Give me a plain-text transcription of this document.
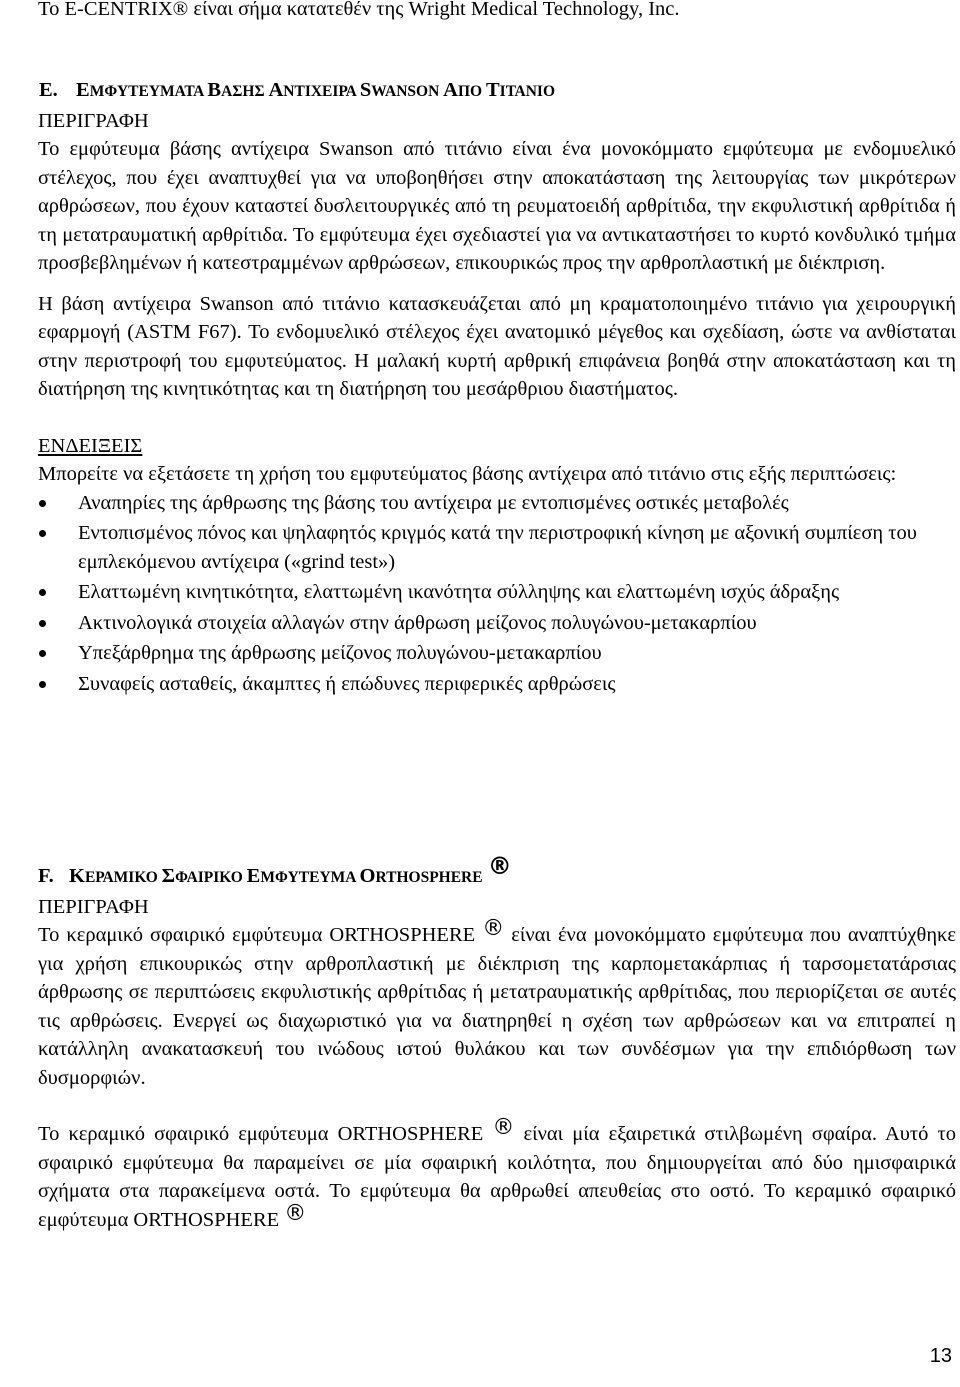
Το E-CENTRIX® είναι σήμα κατατεθέν της Wright Medical Technology, Inc.
E. ΕΜΦΥΤΕΥΜΑΤΑ ΒΑΣΗΣ ΑΝΤΙΧΕΙΡΑ SWANSON ΑΠΟ ΤΙΤΑΝΙΟ

ΠΕΡΙΓΡΑΦΗ

Το εμφύτευμα βάσης αντίχειρα Swanson από τιτάνιο είναι ένα μονοκόμματο εμφύτευμα με ενδομυελικό στέλεχος, που έχει αναπτυχθεί για να υποβοηθήσει στην αποκατάσταση της λειτουργίας των μικρότερων αρθρώσεων, που έχουν καταστεί δυσλειτουργικές από τη ρευματοειδή αρθρίτιδα, την εκφυλιστική αρθρίτιδα ή τη μετατραυματική αρθρίτιδα. Το εμφύτευμα έχει σχεδιαστεί για να αντικαταστήσει το κυρτό κονδυλικό τμήμα προσβεβλημένων ή κατεστραμμένων αρθρώσεων, επικουρικώς προς την αρθροπλαστική με διέκπριση.

Η βάση αντίχειρα Swanson από τιτάνιο κατασκευάζεται από μη κραματοποιημένο τιτάνιο για χειρουργική εφαρμογή (ASTM F67). Το ενδομυελικό στέλεχος έχει ανατομικό μέγεθος και σχεδίαση, ώστε να ανθίσταται στην περιστροφή του εμφυτεύματος. Η μαλακή κυρτή αρθρική επιφάνεια βοηθά στην αποκατάσταση και τη διατήρηση της κινητικότητας και τη διατήρηση του μεσάρθριου διαστήματος.

ΕΝΔΕΙΞΕΙΣ

Μπορείτε να εξετάσετε τη χρήση του εμφυτεύματος βάσης αντίχειρα από τιτάνιο στις εξής περιπτώσεις:

Αναπηρίες της άρθρωσης της βάσης του αντίχειρα με εντοπισμένες οστικές μεταβολές
Εντοπισμένος πόνος και ψηλαφητός κριγμός κατά την περιστροφική κίνηση με αξονική συμπίεση του εμπλεκόμενου αντίχειρα («grind test»)
Ελαττωμένη κινητικότητα, ελαττωμένη ικανότητα σύλληψης και ελαττωμένη ισχύς άδραξης
Ακτινολογικά στοιχεία αλλαγών στην άρθρωση μείζονος πολυγώνου-μετακαρπίου
Υπεξάρθρημα της άρθρωσης μείζονος πολυγώνου-μετακαρπίου
Συναφείς ασταθείς, άκαμπτες ή επώδυνες περιφερικές αρθρώσεις
F. ΚΕΡΑΜΙΚΟ ΣΦΑΙΡΙΚΟ ΕΜΦΥΤΕΥΜΑ ORTHOSPHERE ®

ΠΕΡΙΓΡΑΦΗ

Το κεραμικό σφαιρικό εμφύτευμα ORTHOSPHERE ® είναι ένα μονοκόμματο εμφύτευμα που αναπτύχθηκε για χρήση επικουρικώς στην αρθροπλαστική με διέκπριση της καρπομετακάρπιας ή ταρσομετατάρσιας άρθρωσης σε περιπτώσεις εκφυλιστικής αρθρίτιδας ή μετατραυματικής αρθρίτιδας, που περιορίζεται σε αυτές τις αρθρώσεις. Ενεργεί ως διαχωριστικό για να διατηρηθεί η σχέση των αρθρώσεων και να επιτραπεί η κατάλληλη ανακατασκευή του ινώδους ιστού θυλάκου και των συνδέσμων για την επιδιόρθωση των δυσμορφιών.

Το κεραμικό σφαιρικό εμφύτευμα ORTHOSPHERE ® είναι μία εξαιρετικά στιλβωμένη σφαίρα. Αυτό το σφαιρικό εμφύτευμα θα παραμείνει σε μία σφαιρική κοιλότητα, που δημιουργείται από δύο ημισφαιρικά σχήματα στα παρακείμενα οστά. Το εμφύτευμα θα αρθρωθεί απευθείας στο οστό. Το κεραμικό σφαιρικό εμφύτευμα ORTHOSPHERE ®

13
